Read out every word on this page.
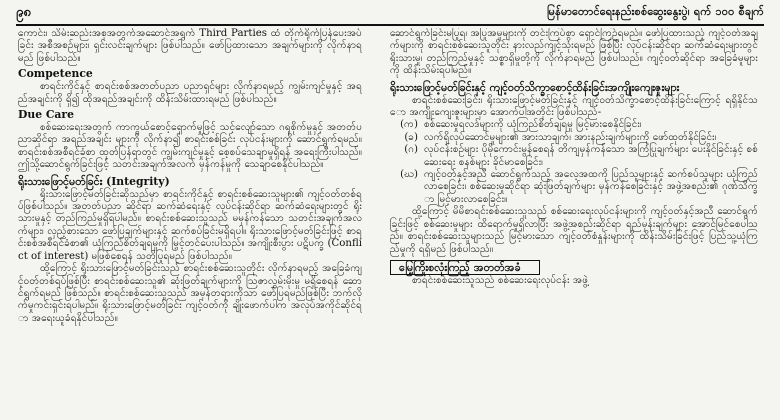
၉၈	မြန်မာတောင်ရေးနည်းစစ်ဆွေးနွေးပွဲ၊ ရက် ၁၀၀ စီချက်

ကောင်း၊ သိမ်းဆည်းအစုအတွက်အဆောင်အရွက် Third Parties ထံ တိုက်ရိုက်ပြန်ပေးအပ်ခြင်း အစီအစဉ်များ၊ ရှင်းလင်းချက်များ ဖြစ်ပါသည်။ ဖော်ပြထားသော အချက်များကို လိုက်နာရမည် ဖြစ်ပါသည်။

Competence

စာရင်းကိုင်နှင့် စာရင်းစစ်အတတ်ပညာ ပညာရှင်များ လိုက်နာရမည့် ကျွမ်းကျင်မှုနှင့် အရည်အချင်းကို ရှိ၍ ထိုအရည်အချင်းကို ထိန်းသိမ်းထားရမည် ဖြစ်ပါသည်။

Due Care

စစ်ဆေးရေးအတွက် ကာကွယ်စောင့်ရှောက်မှုဖြင့် သင့်လျော်သော ဂရုစိုက်မှုနှင့် အတတ်ပညာဆိုင်ရာ အရည်အချင်း များကို လိုက်နာ၍ စာရင်းစစ်ခြင်း လုပ်ငန်းများကို ဆောင်ရွက်ရမည်။ စာရင်းစစ်အစီရင်ခံစာ ထုတ်ပြန်ရာတွင် ကျွမ်းကျင်မှုနှင့် စေ့စပ်သေချာမှုရှိရန် အရေးကြီးပါသည်။ ဤသို့ဆောင်ရွက်ခြင်းဖြင့် သတင်းအချက်အလက် မှန်ကန်မှုကို သေချာစေနိုင်ပါသည်။

ရိုးသားဖြောင့်မတ်ခြင်း (Integrity)

ရိုးသားဖြောင့်မတ်ခြင်းဆိုသည်မှာ စာရင်းကိုင်နှင့် စာရင်းစစ်ဆေးသူများ၏ ကျင့်ဝတ်တစ်ရပ်ဖြစ်ပါသည်။ အတတ်ပညာ ဆိုင်ရာ ဆက်ဆံရေးနှင့် လုပ်ငန်းဆိုင်ရာ ဆက်ဆံရေးများတွင် ရိုးသားမှုနှင့် တည်ကြည်မှုရှိရပါမည်။ စာရင်းစစ်ဆေးသူသည် မမှန်ကန်သော သတင်းအချက်အလက်များ၊ လှည့်စားသော ဖော်ပြချက်များနှင့် ဆက်စပ်ခြင်းမရှိရပါ။ ရိုးသားဖြောင့်မတ်ခြင်းဖြင့် စာရင်းစစ်အစီရင်ခံစာ၏ ယုံကြည်စိတ်ချရမှုကို မြှင့်တင်ပေးပါသည်။ အကျိုးစီးပွား ပဋိပက္ခ (Conflict of interest) မဖြစ်စေရန် သတိပြုရမည် ဖြစ်ပါသည်။

ထို့ကြောင့် ရိုးသားဖြောင့်မတ်ခြင်းသည် စာရင်းစစ်ဆေးသူတိုင်း လိုက်နာရမည့် အခြေခံကျင့်ဝတ်တစ်ရပ်ဖြစ်ပြီး စာရင်းစစ်ဆေးသူ၏ ဆုံးဖြတ်ချက်များကို သြဇာလွှမ်းမိုးမှု မရှိစေရန် ဆောင်ရွက်ရမည် ဖြစ်သည်။ စာရင်းစစ်ဆေးသူသည် အမှန်တရားကိုသာ ဖော်ပြရမည်ဖြစ်ပြီး ဘက်လိုက်မှုကင်းရှင်းရပါမည်။ ရိုးသားဖြောင့်မတ်ခြင်း ကျင့်ဝတ်ကို ချိုးဖောက်ပါက အလုပ်အကိုင်ဆိုင်ရာ အရေးယူခံရနိုင်ပါသည်။

ဆောင်ရွက်ခြင်းမပြုရ၊ အပြုအမူများကို တင်းကြပ်စွာ ရှောင်ကြဉ်ရမည်။ ဖော်ပြထားသည့် ကျင့်ဝတ်အချက်များကို စာရင်းစစ်ဆေးသူတိုင်း နားလည်ကျင့်သုံးရမည် ဖြစ်ပြီး လုပ်ငန်းဆိုင်ရာ ဆက်ဆံရေးများတွင် ရိုးသားမှု၊ တည်ကြည်မှုနှင့် သစ္စာရှိမှုတို့ကို လိုက်နာရမည် ဖြစ်ပါသည်။ ကျင့်ဝတ်ဆိုင်ရာ အခြေခံမူများကို ထိန်းသိမ်းရပါမည်။

ရိုးသားဖြောင့်မတ်ခြင်းနှင့် ကျင့်ဝတ်သိက္ခာစောင့်ထိန်းခြင်းအကျိုးကျေးဇူးများ

စာရင်းစစ်ဆေးခြင်း၊ ရိုးသားဖြောင့်မတ်ခြင်းနှင့် ကျင့်ဝတ်သိက္ခာစောင့်ထိန်းခြင်းကြောင့် ရရှိနိုင်သော အကျိုးကျေးဇူးများမှာ အောက်ပါအတိုင်း ဖြစ်ပါသည်-

(က) စစ်ဆေးမှုရလဒ်များကို ယုံကြည်စိတ်ချရမှု မြင့်မားစေနိုင်ခြင်း၊
(ခ) လက်ရှိလုပ်ဆောင်မှုများ၏ အားသာချက်၊ အားနည်းချက်များကို ဖော်ထုတ်နိုင်ခြင်း၊
(ဂ) လုပ်ငန်းစဉ်များ ပိုမိုကောင်းမွန်စေရန် တိကျမှန်ကန်သော အကြံပြုချက်များ ပေးနိုင်ခြင်းနှင့် စစ်ဆေးရေး စနစ်များ ခိုင်မာစေခြင်း၊
(ဃ) ကျင့်ဝတ်နှင့်အညီ ဆောင်ရွက်သည့် အလေ့အထကို ပြည်သူများနှင့် ဆက်စပ်သူများ ယုံကြည်လာစေခြင်း၊ စစ်ဆေးမှုဆိုင်ရာ ဆုံးဖြတ်ချက်များ မှန်ကန်စေခြင်းနှင့် အဖွဲ့အစည်း၏ ဂုဏ်သိက္ခာ မြင့်မားလာစေခြင်း။

ထို့ကြောင့် မိမိစာရင်းစစ်ဆေးသူသည် စစ်ဆေးရေးလုပ်ငန်းများကို ကျင့်ဝတ်နှင့်အညီ ဆောင်ရွက်ခြင်းဖြင့် စစ်ဆေးမှုများ ထိရောက်မှုရှိလာပြီး အဖွဲ့အစည်းဆိုင်ရာ ရည်မှန်းချက်များ အောင်မြင်စေပါသည်။ စာရင်းစစ်ဆေးသူများသည် မြင့်မားသော ကျင့်ဝတ်စံနှုန်းများကို ထိန်းသိမ်းခြင်းဖြင့် ပြည်သူ့ယုံကြည်မှုကို ရရှိမည် ဖြစ်ပါသည်။

မြေ့ကြိုးစလုံးကြည့် အတတ်အခံ

စာရင်းစစ်ဆေးသူသည် စစ်ဆေးရေးလုပ်ငန်း အဖွဲ့
